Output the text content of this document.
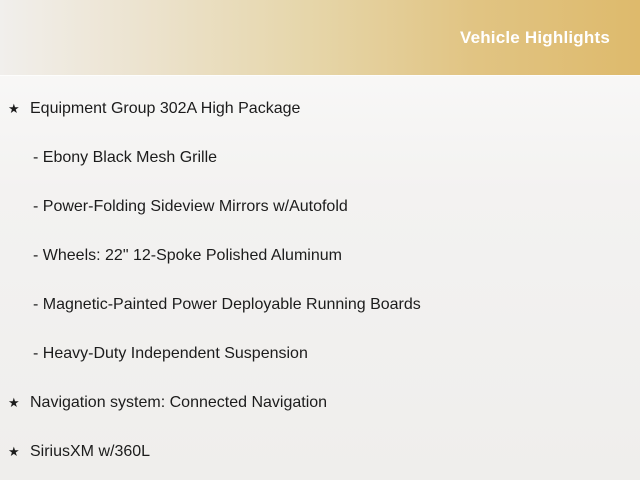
Vehicle Highlights
★ Equipment Group 302A High Package
- Ebony Black Mesh Grille
- Power-Folding Sideview Mirrors w/Autofold
- Wheels: 22" 12-Spoke Polished Aluminum
- Magnetic-Painted Power Deployable Running Boards
- Heavy-Duty Independent Suspension
★ Navigation system: Connected Navigation
★ SiriusXM w/360L
